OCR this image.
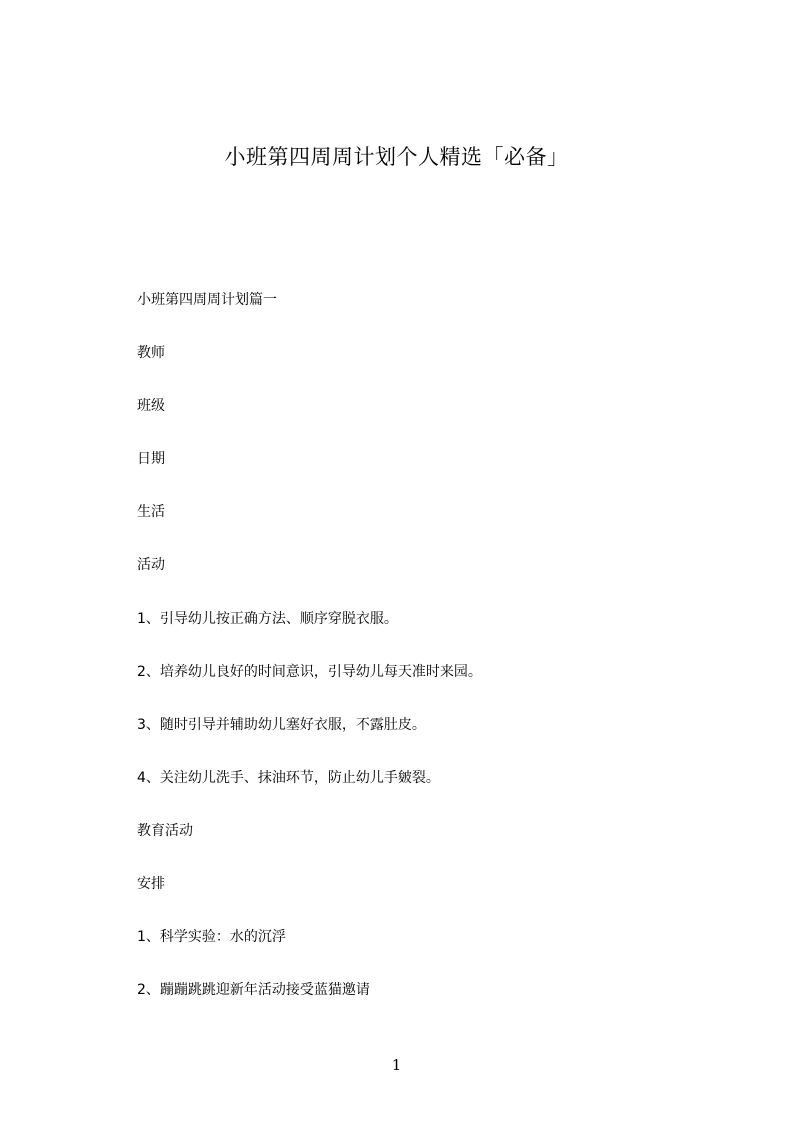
小班第四周周计划个人精选「必备」
小班第四周周计划篇一
教师
班级
日期
生活
活动
1、引导幼儿按正确方法、顺序穿脱衣服。
2、培养幼儿良好的时间意识，引导幼儿每天准时来园。
3、随时引导并辅助幼儿塞好衣服，不露肚皮。
4、关注幼儿洗手、抹油环节，防止幼儿手皴裂。
教育活动
安排
1、科学实验：水的沉浮
2、蹦蹦跳跳迎新年活动接受蓝猫邀请
1
